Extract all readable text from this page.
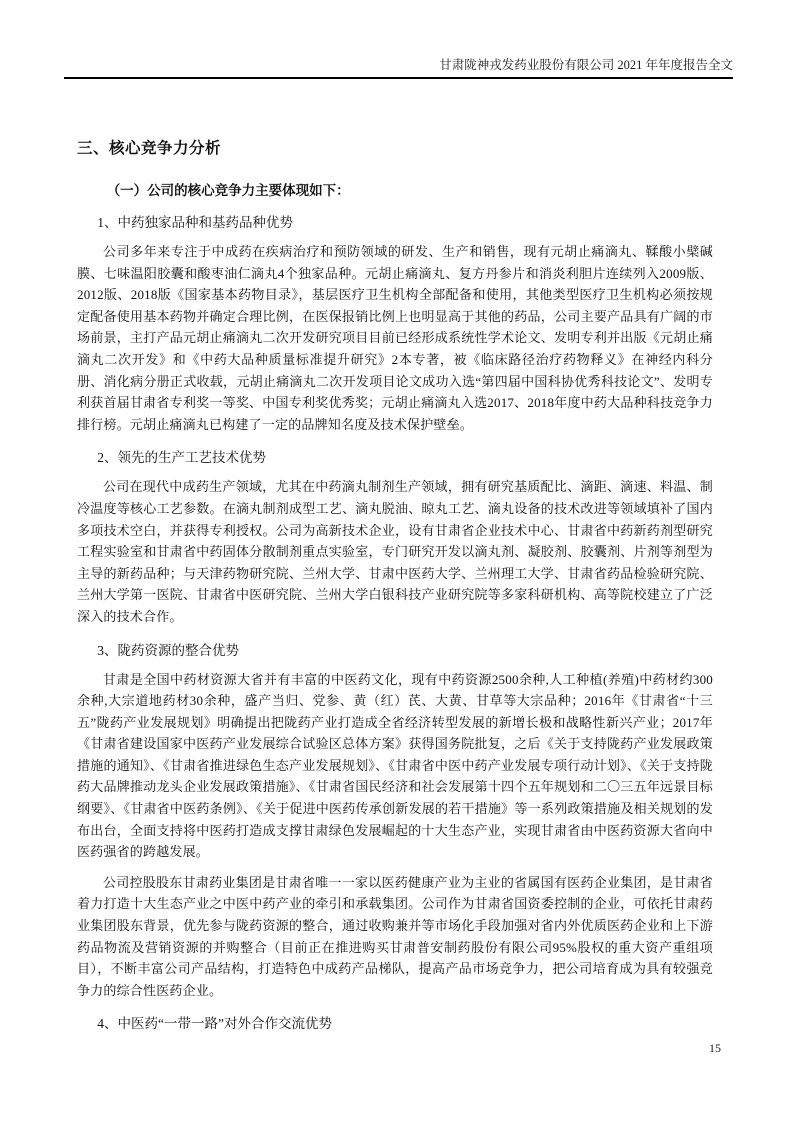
甘肃陇神戎发药业股份有限公司 2021 年年度报告全文
三、核心竞争力分析
（一）公司的核心竞争力主要体现如下：
1、中药独家品种和基药品种优势

公司多年来专注于中成药在疾病治疗和预防领域的研发、生产和销售，现有元胡止痛滴丸、鞣酸小檗碱膜、七味温阳胶囊和酸枣油仁滴丸4个独家品种。元胡止痛滴丸、复方丹参片和消炎利胆片连续列入2009版、2012版、2018版《国家基本药物目录》，基层医疗卫生机构全部配备和使用，其他类型医疗卫生机构必须按规定配备使用基本药物并确定合理比例，在医保报销比例上也明显高于其他的药品，公司主要产品具有广阔的市场前景，主打产品元胡止痛滴丸二次开发研究项目目前已经形成系统性学术论文、发明专利并出版《元胡止痛滴丸二次开发》和《中药大品种质量标准提升研究》2本专著，被《临床路径治疗药物释义》在神经内科分册、消化病分册正式收载，元胡止痛滴丸二次开发项目论文成功入选“第四届中国科协优秀科技论文”、发明专利获首届甘肃省专利奖一等奖、中国专利奖优秀奖；元胡止痛滴丸入选2017、2018年度中药大品种科技竞争力排行榜。元胡止痛滴丸已构建了一定的品牌知名度及技术保护壁垒。

2、领先的生产工艺技术优势

公司在现代中成药生产领域，尤其在中药滴丸制剂生产领域，拥有研究基质配比、滴距、滴速、料温、制冷温度等核心工艺参数。在滴丸制剂成型工艺、滴丸脱油、晾丸工艺、滴丸设备的技术改进等领域填补了国内多项技术空白，并获得专利授权。公司为高新技术企业，设有甘肃省企业技术中心、甘肃省中药新药剂型研究工程实验室和甘肃省中药固体分散制剂重点实验室，专门研究开发以滴丸剂、凝胶剂、胶囊剂、片剂等剂型为主导的新药品种；与天津药物研究院、兰州大学、甘肃中医药大学、兰州理工大学、甘肃省药品检验研究院、兰州大学第一医院、甘肃省中医研究院、兰州大学白银科技产业研究院等多家科研机构、高等院校建立了广泛深入的技术合作。

3、陇药资源的整合优势

甘肃是全国中药材资源大省并有丰富的中医药文化，现有中药资源2500余种,人工种植(养殖)中药材约300余种,大宗道地药材30余种，盛产当归、党参、黄（红）芪、大黄、甘草等大宗品种；2016年《甘肃省“十三五”陇药产业发展规划》明确提出把陇药产业打造成全省经济转型发展的新增长极和战略性新兴产业；2017年《甘肃省建设国家中医药产业发展综合试验区总体方案》获得国务院批复，之后《关于支持陇药产业发展政策措施的通知》、《甘肃省推进绿色生态产业发展规划》、《甘肃省中医中药产业发展专项行动计划》、《关于支持陇药大品牌推动龙头企业发展政策措施》、《甘肃省国民经济和社会发展第十四个五年规划和二〇三五年远景目标纲要》、《甘肃省中医药条例》、《关于促进中医药传承创新发展的若干措施》等一系列政策措施及相关规划的发布出台，全面支持将中医药打造成支撑甘肃绿色发展崛起的十大生态产业，实现甘肃省由中医药资源大省向中医药强省的跨越发展。

公司控股股东甘肃药业集团是甘肃省唯一一家以医药健康产业为主业的省属国有医药企业集团，是甘肃省着力打造十大生态产业之中医中药产业的牵引和承载集团。公司作为甘肃省国资委控制的企业，可依托甘肃药业集团股东背景，优先参与陇药资源的整合，通过收购兼并等市场化手段加强对省内外优质医药企业和上下游药品物流及营销资源的并购整合（目前正在推进购买甘肃普安制药股份有限公司95%股权的重大资产重组项目），不断丰富公司产品结构，打造特色中成药产品梯队，提高产品市场竞争力，把公司培育成为具有较强竞争力的综合性医药企业。

4、中医药“一带一路”对外合作交流优势
15
